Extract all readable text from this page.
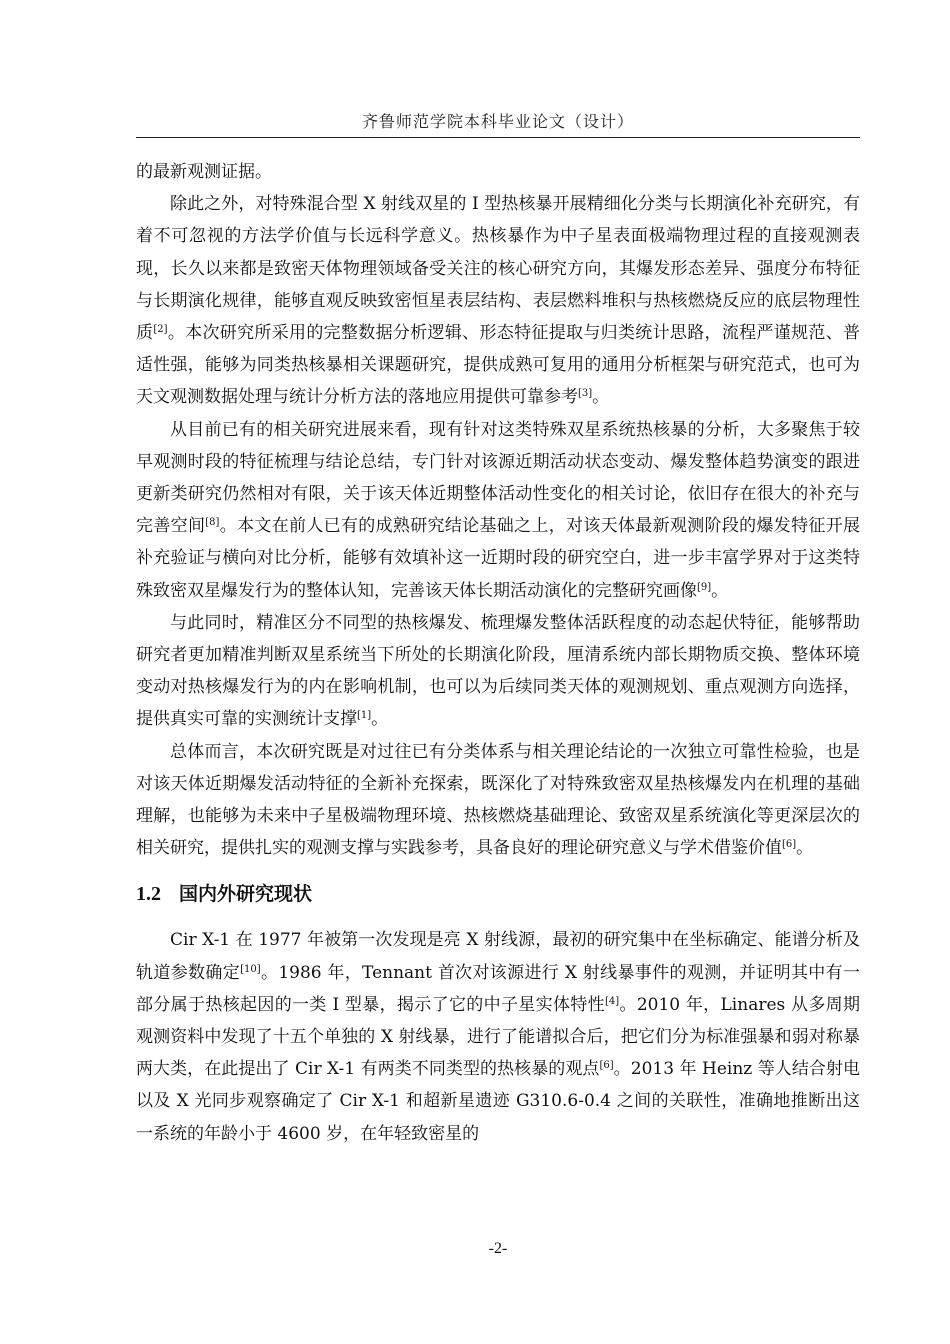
齐鲁师范学院本科毕业论文（设计）

的最新观测证据。

除此之外，对特殊混合型 X 射线双星的 I 型热核暴开展精细化分类与长期演化补充研究，有着不可忽视的方法学价值与长远科学意义。热核暴作为中子星表面极端物理过程的直接观测表现，长久以来都是致密天体物理领域备受关注的核心研究方向，其爆发形态差异、强度分布特征与长期演化规律，能够直观反映致密恒星表层结构、表层燃料堆积与热核燃烧反应的底层物理性质[2]。本次研究所采用的完整数据分析逻辑、形态特征提取与归类统计思路，流程严谨规范、普适性强，能够为同类热核暴相关课题研究，提供成熟可复用的通用分析框架与研究范式，也可为天文观测数据处理与统计分析方法的落地应用提供可靠参考[3]。

从目前已有的相关研究进展来看，现有针对这类特殊双星系统热核暴的分析，大多聚焦于较早观测时段的特征梳理与结论总结，专门针对该源近期活动状态变动、爆发整体趋势演变的跟进更新类研究仍然相对有限，关于该天体近期整体活动性变化的相关讨论，依旧存在很大的补充与完善空间[8]。本文在前人已有的成熟研究结论基础之上，对该天体最新观测阶段的爆发特征开展补充验证与横向对比分析，能够有效填补这一近期时段的研究空白，进一步丰富学界对于这类特殊致密双星爆发行为的整体认知，完善该天体长期活动演化的完整研究画像[9]。

与此同时，精准区分不同型的热核爆发、梳理爆发整体活跃程度的动态起伏特征，能够帮助研究者更加精准判断双星系统当下所处的长期演化阶段，厘清系统内部长期物质交换、整体环境变动对热核爆发行为的内在影响机制，也可以为后续同类天体的观测规划、重点观测方向选择，提供真实可靠的实测统计支撑[1]。

总体而言，本次研究既是对过往已有分类体系与相关理论结论的一次独立可靠性检验，也是对该天体近期爆发活动特征的全新补充探索，既深化了对特殊致密双星热核爆发内在机理的基础理解，也能够为未来中子星极端物理环境、热核燃烧基础理论、致密双星系统演化等更深层次的相关研究，提供扎实的观测支撑与实践参考，具备良好的理论研究意义与学术借鉴价值[6]。

1.2 国内外研究现状

Cir X-1 在 1977 年被第一次发现是亮 X 射线源，最初的研究集中在坐标确定、能谱分析及轨道参数确定[10]。1986 年，Tennant 首次对该源进行 X 射线暴事件的观测，并证明其中有一部分属于热核起因的一类 I 型暴，揭示了它的中子星实体特性[4]。2010 年，Linares 从多周期观测资料中发现了十五个单独的 X 射线暴，进行了能谱拟合后，把它们分为标准强暴和弱对称暴两大类，在此提出了 Cir X-1 有两类不同类型的热核暴的观点[6]。2013 年 Heinz 等人结合射电以及 X 光同步观察确定了 Cir X-1 和超新星遗迹 G310.6-0.4 之间的关联性，准确地推断出这一系统的年龄小于 4600 岁，在年轻致密星的

-2-
